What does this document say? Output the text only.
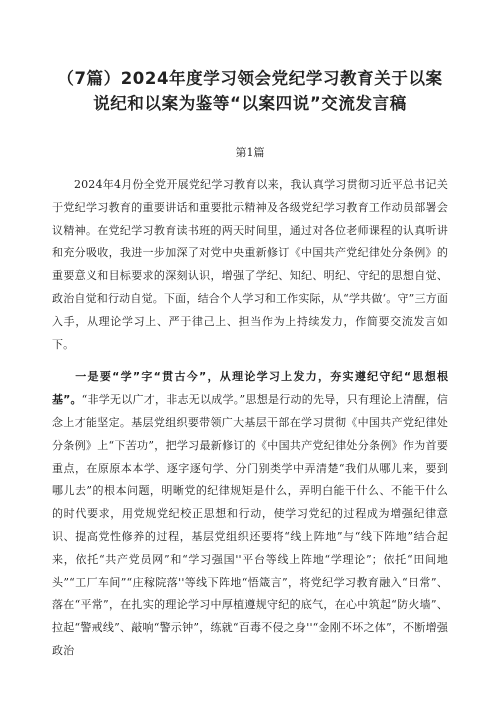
（7篇）2024年度学习领会党纪学习教育关于以案
说纪和以案为鉴等“以案四说”交流发言稿
第1篇

2024年4月份全党开展党纪学习教育以来，我认真学习贯彻习近平总书记关于党纪学习教育的重要讲话和重要批示精神及各级党纪学习教育工作动员部署会议精神。在党纪学习教育读书班的两天时间里，通过对各位老师课程的认真听讲和充分吸收，我进一步加深了对党中央重新修订《中国共产党纪律处分条例》的重要意义和目标要求的深刻认识，增强了学纪、知纪、明纪、守纪的思想自觉、政治自觉和行动自觉。下面，结合个人学习和工作实际，从“学共做‘。守”三方面入手，从理论学习上、严于律己上、担当作为上持续发力，作简要交流发言如下。

一是要“学”字“贯古今”，从理论学习上发力，夯实遵纪守纪“思想根基”。“非学无以广才，非志无以成学。”思想是行动的先导，只有理论上清醒，信念上才能坚定。基层党组织要带领广大基层干部在学习贯彻《中国共产党纪律处分条例》上“下苦功”，把学习最新修订的《中国共产党纪律处分条例》作为首要重点，在原原本本学、逐字逐句学、分门别类学中弄清楚“我们从哪儿来，要到哪儿去”的根本问题，明晰党的纪律规矩是什么，弄明白能干什么、不能干什么的时代要求，用党规党纪校正思想和行动，使学习党纪的过程成为增强纪律意识、提高党性修养的过程，基层党组织还要将“线上阵地”与“线下阵地”结合起来，依托“共产党员网”和“学习强国''平台等线上阵地“学理论”；依托“田间地头”“工厂车间”“庄稼院落''等线下阵地“悟箴言”，将党纪学习教育融入“日常”、落在“平常”，在扎实的理论学习中厚植遵规守纪的底气，在心中筑起“防火墙”、拉起“警戒线”、敲响“警示钟”，练就“百毒不侵之身''“金刚不坏之体”，不断增强政治
